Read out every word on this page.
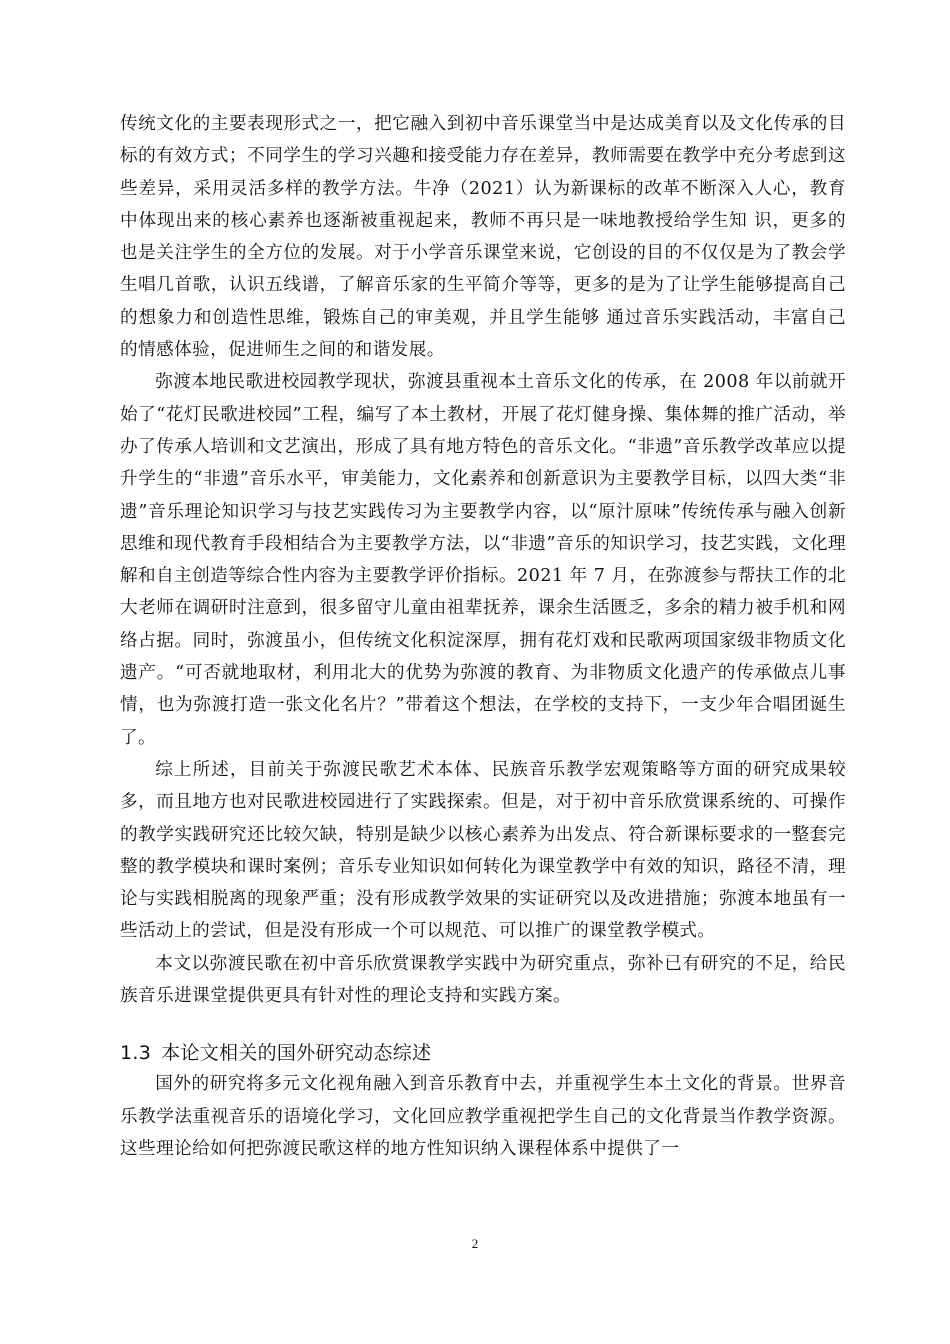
传统文化的主要表现形式之一，把它融入到初中音乐课堂当中是达成美育以及文化传承的目标的有效方式；不同学生的学习兴趣和接受能力存在差异，教师需要在教学中充分考虑到这些差异，采用灵活多样的教学方法。牛净（2021）认为新课标的改革不断深入人心，教育中体现出来的核心素养也逐渐被重视起来，教师不再只是一味地教授给学生知 识，更多的也是关注学生的全方位的发展。对于小学音乐课堂来说，它创设的目的不仅仅是为了教会学生唱几首歌，认识五线谱，了解音乐家的生平简介等等，更多的是为了让学生能够提高自己的想象力和创造性思维，锻炼自己的审美观，并且学生能够 通过音乐实践活动，丰富自己的情感体验，促进师生之间的和谐发展。

弥渡本地民歌进校园教学现状，弥渡县重视本土音乐文化的传承，在 2008 年以前就开始了“花灯民歌进校园”工程，编写了本土教材，开展了花灯健身操、集体舞的推广活动，举办了传承人培训和文艺演出，形成了具有地方特色的音乐文化。“非遗”音乐教学改革应以提升学生的“非遗”音乐水平，审美能力，文化素养和创新意识为主要教学目标，以四大类“非遗”音乐理论知识学习与技艺实践传习为主要教学内容，以“原汁原味”传统传承与融入创新思维和现代教育手段相结合为主要教学方法，以“非遗”音乐的知识学习，技艺实践，文化理解和自主创造等综合性内容为主要教学评价指标。2021 年 7 月，在弥渡参与帮扶工作的北大老师在调研时注意到，很多留守儿童由祖辈抚养，课余生活匮乏，多余的精力被手机和网络占据。同时，弥渡虽小，但传统文化积淀深厚，拥有花灯戏和民歌两项国家级非物质文化遗产。“可否就地取材，利用北大的优势为弥渡的教育、为非物质文化遗产的传承做点儿事情，也为弥渡打造一张文化名片？”带着这个想法，在学校的支持下，一支少年合唱团诞生了。

综上所述，目前关于弥渡民歌艺术本体、民族音乐教学宏观策略等方面的研究成果较多，而且地方也对民歌进校园进行了实践探索。但是，对于初中音乐欣赏课系统的、可操作的教学实践研究还比较欠缺，特别是缺少以核心素养为出发点、符合新课标要求的一整套完整的教学模块和课时案例；音乐专业知识如何转化为课堂教学中有效的知识，路径不清，理论与实践相脱离的现象严重；没有形成教学效果的实证研究以及改进措施；弥渡本地虽有一些活动上的尝试，但是没有形成一个可以规范、可以推广的课堂教学模式。

本文以弥渡民歌在初中音乐欣赏课教学实践中为研究重点，弥补已有研究的不足，给民族音乐进课堂提供更具有针对性的理论支持和实践方案。

1.3 本论文相关的国外研究动态综述

国外的研究将多元文化视角融入到音乐教育中去，并重视学生本土文化的背景。世界音乐教学法重视音乐的语境化学习，文化回应教学重视把学生自己的文化背景当作教学资源。这些理论给如何把弥渡民歌这样的地方性知识纳入课程体系中提供了一

2
